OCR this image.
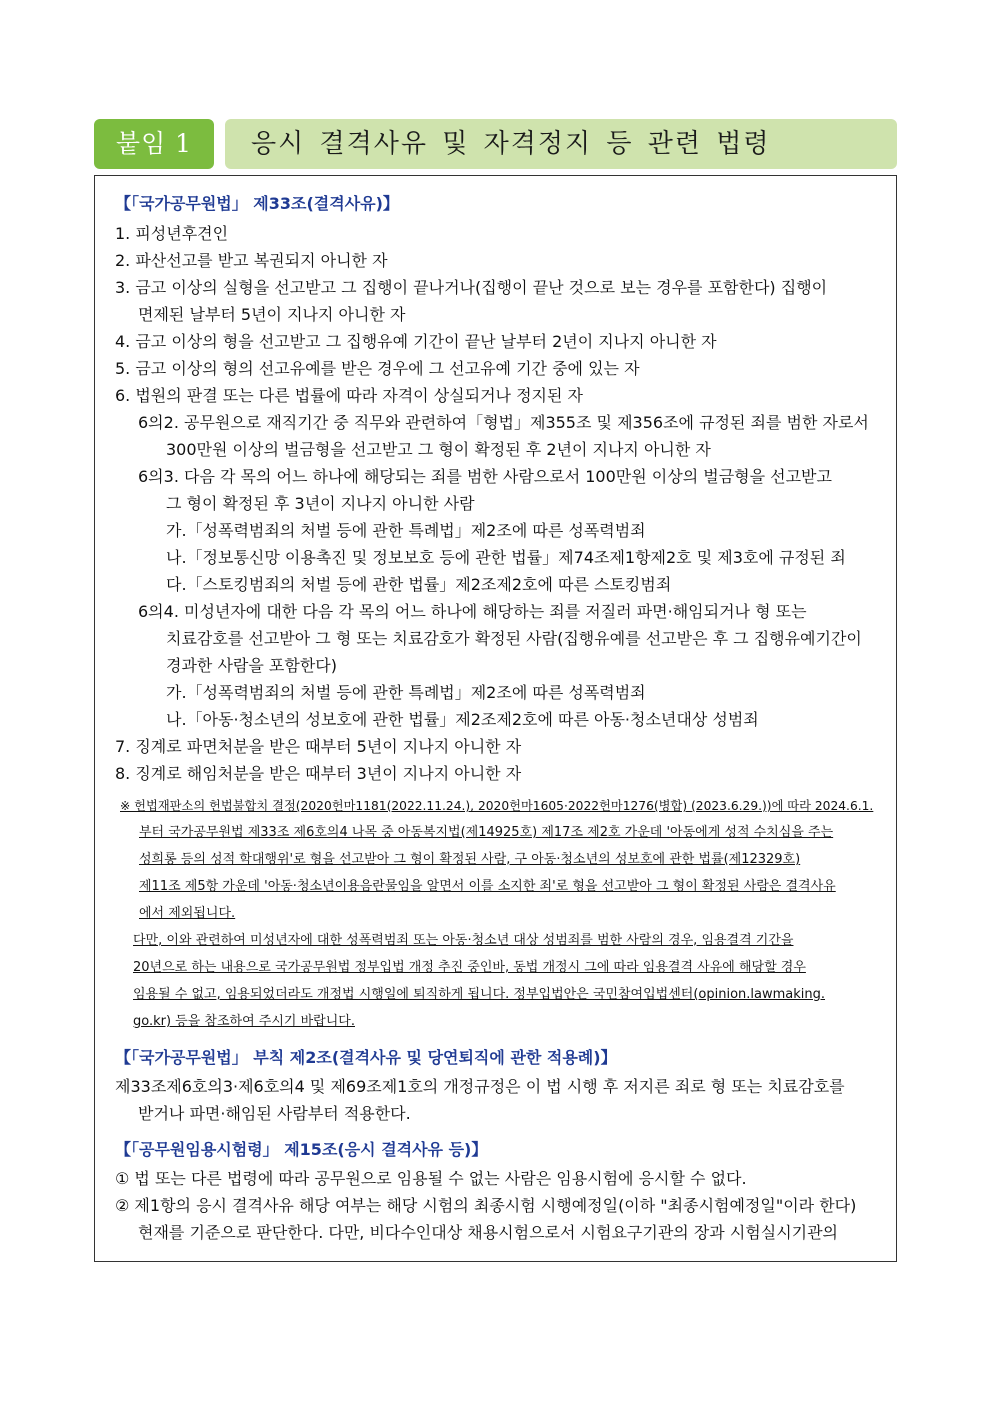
붙임 1	응시 결격사유 및 자격정지 등 관련 법령
【「국가공무원법」 제33조(결격사유)】
1. 피성년후견인
2. 파산선고를 받고 복권되지 아니한 자
3. 금고 이상의 실형을 선고받고 그 집행이 끝나거나(집행이 끝난 것으로 보는 경우를 포함한다) 집행이
면제된 날부터 5년이 지나지 아니한 자
4. 금고 이상의 형을 선고받고 그 집행유예 기간이 끝난 날부터 2년이 지나지 아니한 자
5. 금고 이상의 형의 선고유예를 받은 경우에 그 선고유예 기간 중에 있는 자
6. 법원의 판결 또는 다른 법률에 따라 자격이 상실되거나 정지된 자
6의2. 공무원으로 재직기간 중 직무와 관련하여「형법」제355조 및 제356조에 규정된 죄를 범한 자로서
300만원 이상의 벌금형을 선고받고 그 형이 확정된 후 2년이 지나지 아니한 자
6의3. 다음 각 목의 어느 하나에 해당되는 죄를 범한 사람으로서 100만원 이상의 벌금형을 선고받고
그 형이 확정된 후 3년이 지나지 아니한 사람
가.「성폭력범죄의 처벌 등에 관한 특례법」제2조에 따른 성폭력범죄
나.「정보통신망 이용촉진 및 정보보호 등에 관한 법률」제74조제1항제2호 및 제3호에 규정된 죄
다.「스토킹범죄의 처벌 등에 관한 법률」제2조제2호에 따른 스토킹범죄
6의4. 미성년자에 대한 다음 각 목의 어느 하나에 해당하는 죄를 저질러 파면·해임되거나 형 또는
치료감호를 선고받아 그 형 또는 치료감호가 확정된 사람(집행유예를 선고받은 후 그 집행유예기간이
경과한 사람을 포함한다)
가.「성폭력범죄의 처벌 등에 관한 특례법」제2조에 따른 성폭력범죄
나.「아동·청소년의 성보호에 관한 법률」제2조제2호에 따른 아동·청소년대상 성범죄
7. 징계로 파면처분을 받은 때부터 5년이 지나지 아니한 자
8. 징계로 해임처분을 받은 때부터 3년이 지나지 아니한 자
※ 헌법재판소의 헌법불합치 결정(2020헌마1181(2022.11.24.), 2020헌마1605·2022헌마1276(병합) (2023.6.29.))에 따라 2024.6.1.
부터 국가공무원법 제33조 제6호의4 나목 중 아동복지법(제14925호) 제17조 제2호 가운데 '아동에게 성적 수치심을 주는
성희롱 등의 성적 학대행위'로 형을 선고받아 그 형이 확정된 사람, 구 아동·청소년의 성보호에 관한 법률(제12329호)
제11조 제5항 가운데 '아동·청소년이용음란물임을 알면서 이를 소지한 죄'로 형을 선고받아 그 형이 확정된 사람은 결격사유
에서 제외됩니다.
다만, 이와 관련하여 미성년자에 대한 성폭력범죄 또는 아동·청소년 대상 성범죄를 범한 사람의 경우, 임용결격 기간을
20년으로 하는 내용으로 국가공무원법 정부입법 개정 추진 중인바, 동법 개정시 그에 따라 임용결격 사유에 해당할 경우
임용될 수 없고, 임용되었더라도 개정법 시행일에 퇴직하게 됩니다. 정부입법안은 국민참여입법센터(opinion.lawmaking.
go.kr) 등을 참조하여 주시기 바랍니다.
【「국가공무원법」 부칙 제2조(결격사유 및 당연퇴직에 관한 적용례)】
제33조제6호의3·제6호의4 및 제69조제1호의 개정규정은 이 법 시행 후 저지른 죄로 형 또는 치료감호를
받거나 파면·해임된 사람부터 적용한다.
【「공무원임용시험령」 제15조(응시 결격사유 등)】
① 법 또는 다른 법령에 따라 공무원으로 임용될 수 없는 사람은 임용시험에 응시할 수 없다.
② 제1항의 응시 결격사유 해당 여부는 해당 시험의 최종시험 시행예정일(이하 "최종시험예정일"이라 한다)
현재를 기준으로 판단한다. 다만, 비다수인대상 채용시험으로서 시험요구기관의 장과 시험실시기관의
